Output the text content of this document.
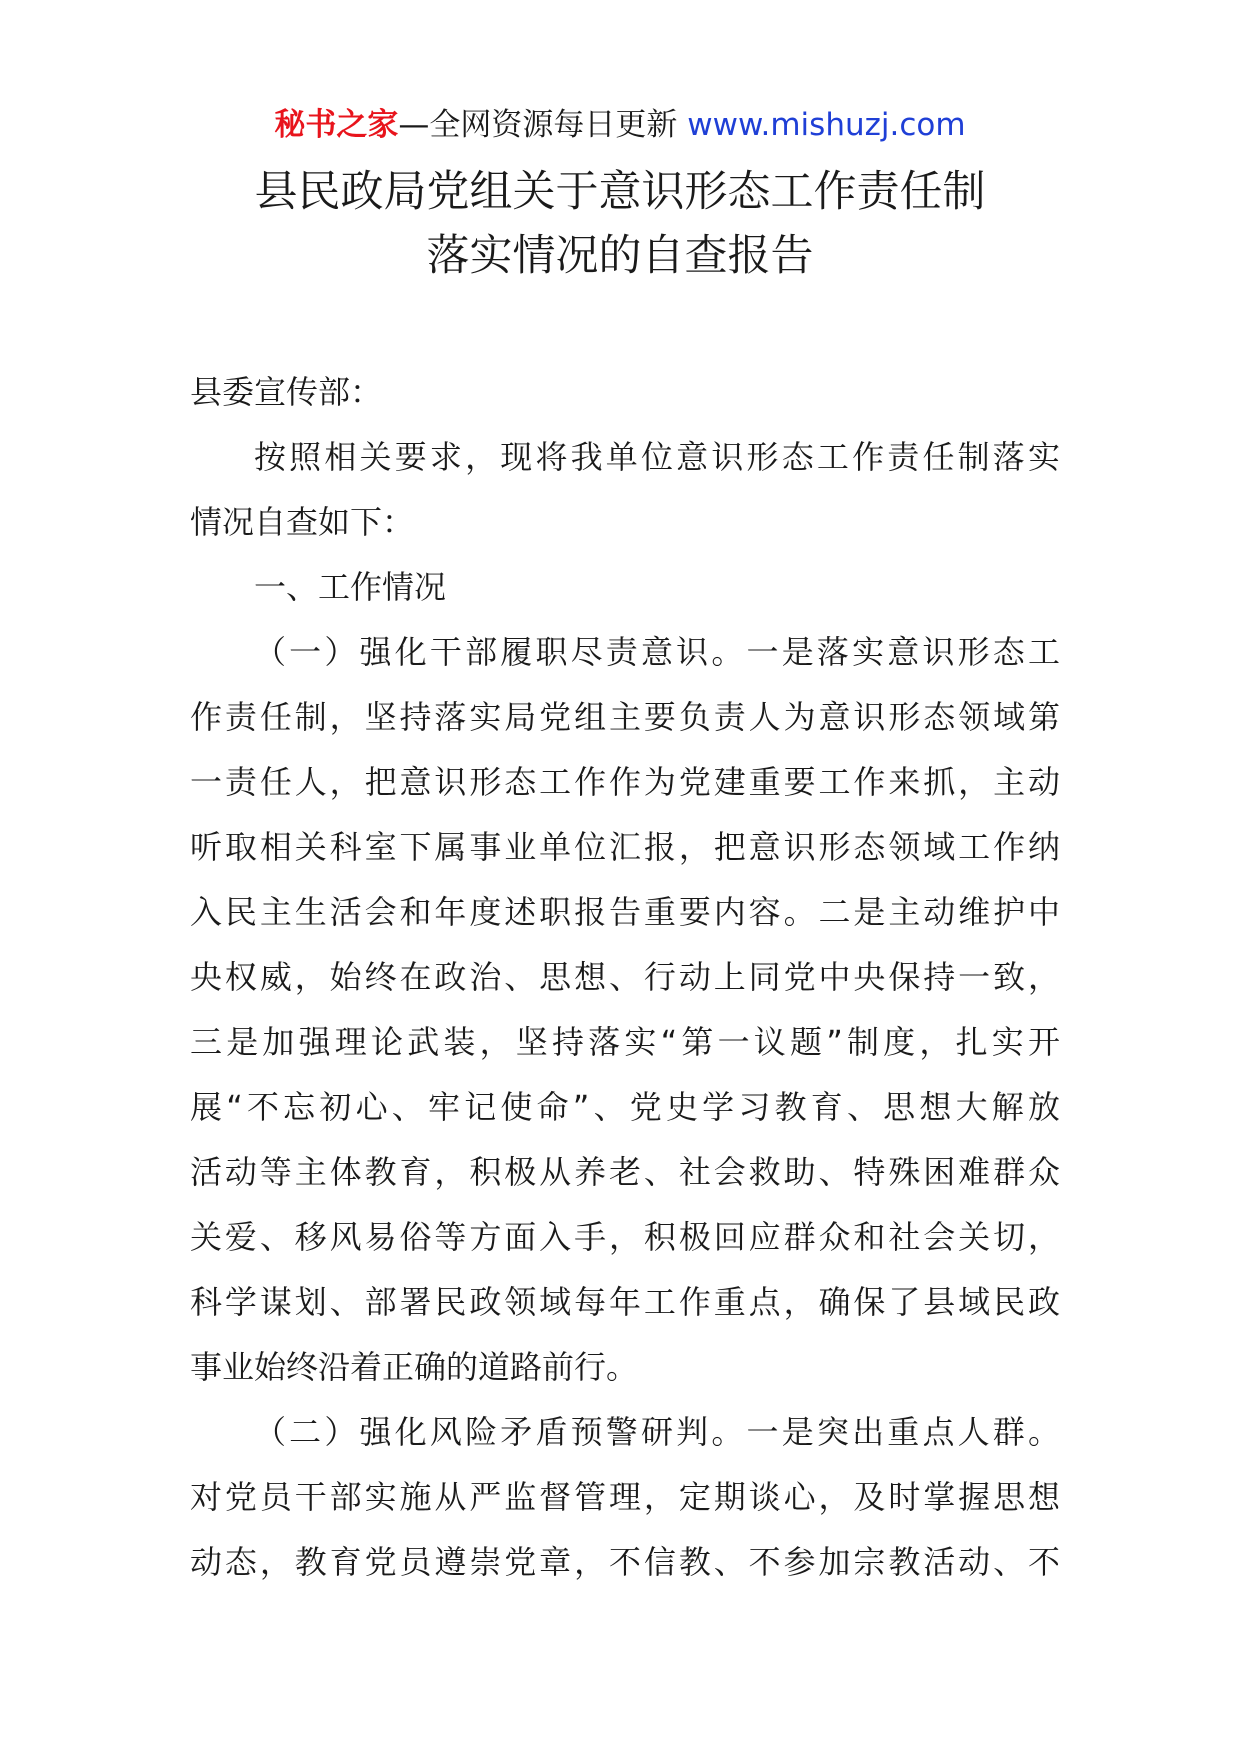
秘书之家—全网资源每日更新 www.mishuzj.com
县民政局党组关于意识形态工作责任制
落实情况的自查报告
县委宣传部：
按照相关要求，现将我单位意识形态工作责任制落实
情况自查如下：
一、工作情况
（一）强化干部履职尽责意识。一是落实意识形态工
作责任制，坚持落实局党组主要负责人为意识形态领域第
一责任人，把意识形态工作作为党建重要工作来抓，主动
听取相关科室下属事业单位汇报，把意识形态领域工作纳
入民主生活会和年度述职报告重要内容。二是主动维护中
央权威，始终在政治、思想、行动上同党中央保持一致，
三是加强理论武装，坚持落实“第一议题”制度，扎实开
展“不忘初心、牢记使命”、党史学习教育、思想大解放
活动等主体教育，积极从养老、社会救助、特殊困难群众
关爱、移风易俗等方面入手，积极回应群众和社会关切，
科学谋划、部署民政领域每年工作重点，确保了县域民政
事业始终沿着正确的道路前行。
（二）强化风险矛盾预警研判。一是突出重点人群。
对党员干部实施从严监督管理，定期谈心，及时掌握思想
动态，教育党员遵崇党章，不信教、不参加宗教活动、不
